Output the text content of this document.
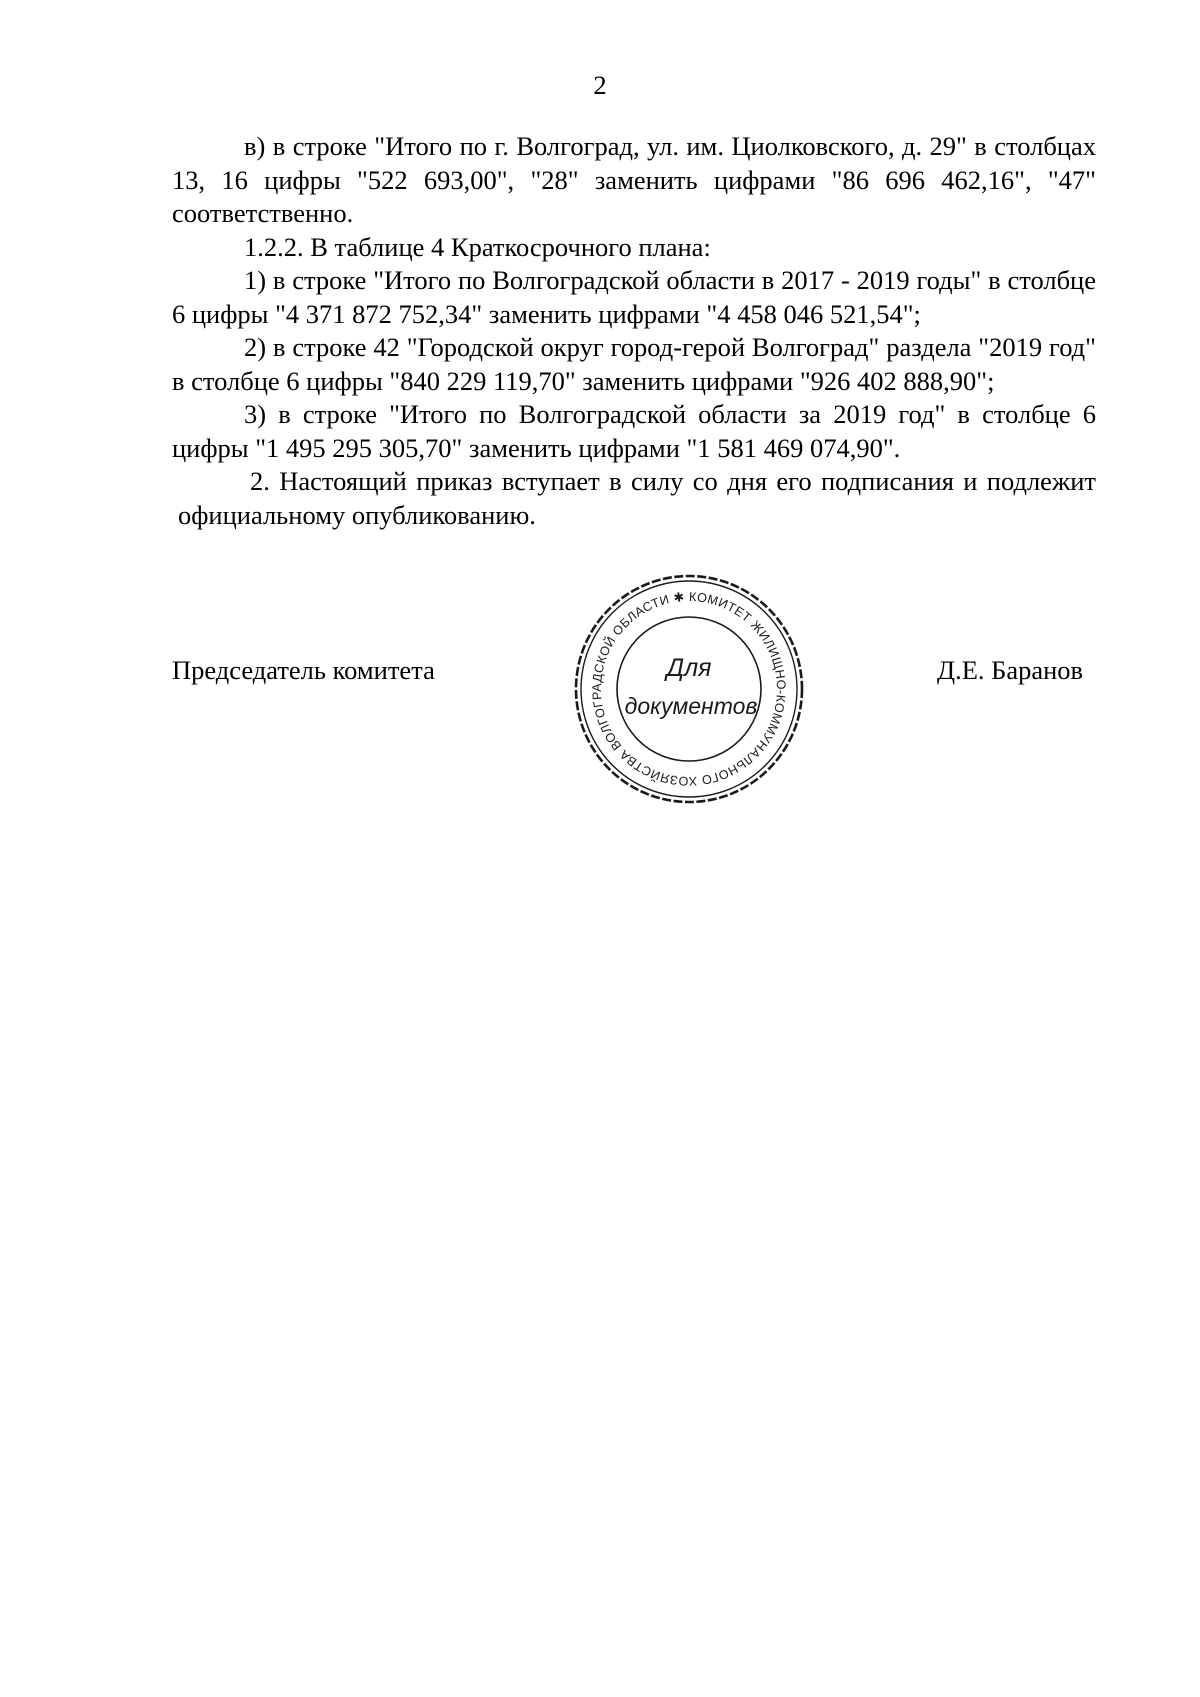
2

в) в строке "Итого по г. Волгоград, ул. им. Циолковского, д. 29" в столбцах 13, 16 цифры "522 693,00", "28" заменить цифрами "86 696 462,16", "47" соответственно.

1.2.2. В таблице 4 Краткосрочного плана:

1) в строке "Итого по Волгоградской области в 2017 - 2019 годы" в столбце 6 цифры "4 371 872 752,34" заменить цифрами "4 458 046 521,54";

2) в строке 42 "Городской округ город-герой Волгоград" раздела "2019 год" в столбце 6 цифры "840 229 119,70" заменить цифрами "926 402 888,90";

3) в строке "Итого по Волгоградской области за 2019 год" в столбце 6 цифры "1 495 295 305,70" заменить цифрами "1 581 469 074,90".

2. Настоящий приказ вступает в силу со дня его подписания и подлежит официальному опубликованию.

Председатель комитета
КОМИТЕТ ЖИЛИЩНО-КОММУНАЛЬНОГО ХОЗЯЙСТВА ВОЛГОГРАДСКОЙ ОБЛАСТИ ✱
Для
документов
Д.Е. Баранов
